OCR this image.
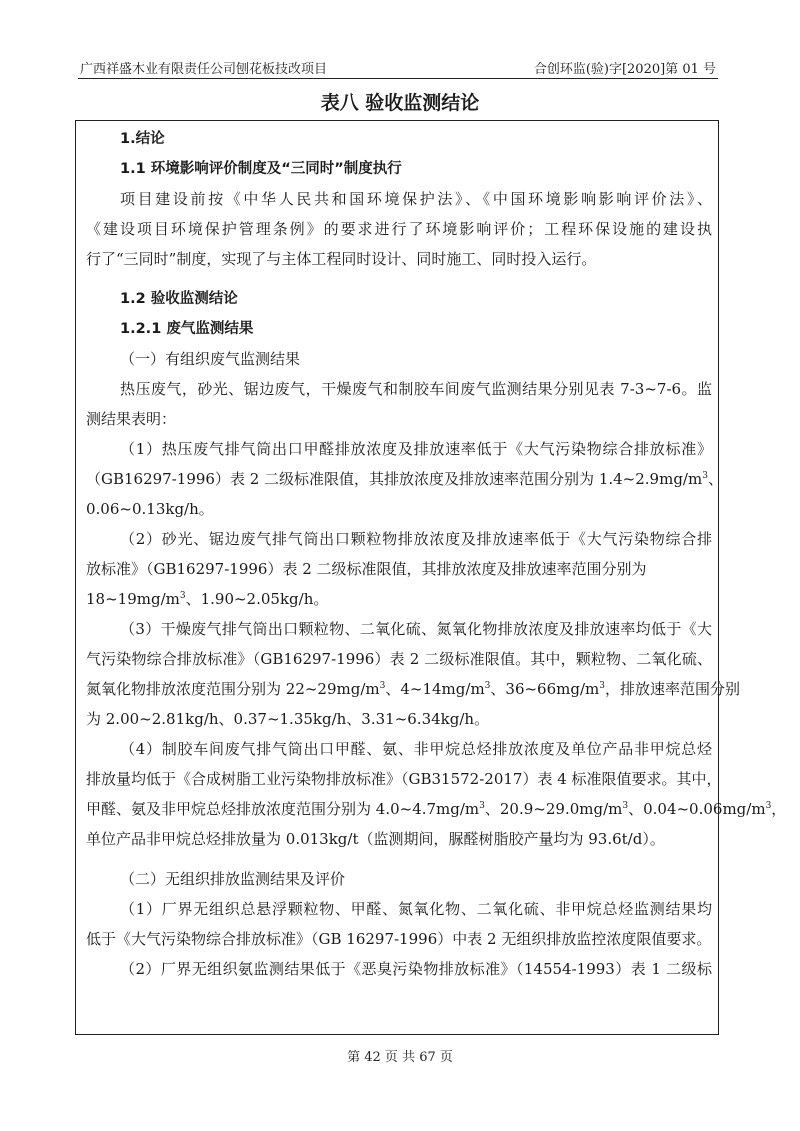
广西祥盛木业有限责任公司刨花板技改项目	合创环监(验)字[2020]第 01 号
表八 验收监测结论
1.结论
1.1 环境影响评价制度及“三同时”制度执行
项目建设前按《中华人民共和国环境保护法》、《中国环境影响影响评价法》、
《建设项目环境保护管理条例》的要求进行了环境影响评价；工程环保设施的建设执
行了“三同时”制度，实现了与主体工程同时设计、同时施工、同时投入运行。
1.2 验收监测结论
1.2.1 废气监测结果
（一）有组织废气监测结果
热压废气，砂光、锯边废气，干燥废气和制胶车间废气监测结果分别见表 7-3~7-6。监
测结果表明：
（1）热压废气排气筒出口甲醛排放浓度及排放速率低于《大气污染物综合排放标准》
（GB16297-1996）表 2 二级标准限值，其排放浓度及排放速率范围分别为 $1.4\sim 2.9mg/m^3$、
0.06~0.13kg/h。
（2）砂光、锯边废气排气筒出口颗粒物排放浓度及排放速率低于《大气污染物综合排
放标准》（GB16297-1996）表 2 二级标准限值，其排放浓度及排放速率范围分别为
$18\sim 19mg/m^3$、1.90~2.05kg/h。
（3）干燥废气排气筒出口颗粒物、二氧化硫、氮氧化物排放浓度及排放速率均低于《大
气污染物综合排放标准》（GB16297-1996）表 2 二级标准限值。其中，颗粒物、二氧化硫、
氮氧化物排放浓度范围分别为 $22\sim 29mg/m^3$、$4\sim 14mg/m^3$、$36\sim 66mg/m^3$，排放速率范围分别
为 2.00~2.81kg/h、0.37~1.35kg/h、3.31~6.34kg/h。
（4）制胶车间废气排气筒出口甲醛、氨、非甲烷总烃排放浓度及单位产品非甲烷总烃
排放量均低于《合成树脂工业污染物排放标准》（GB31572-2017）表 4 标准限值要求。其中，
甲醛、氨及非甲烷总烃排放浓度范围分别为 $4.0\sim 4.7mg/m^3$、$20.9\sim 29.0mg/m^3$、$0.04\sim 0.06mg/m^3$，
单位产品非甲烷总烃排放量为 0.013kg/t（监测期间，脲醛树脂胶产量均为 93.6t/d）。
（二）无组织排放监测结果及评价
（1）厂界无组织总悬浮颗粒物、甲醛、氮氧化物、二氧化硫、非甲烷总烃监测结果均
低于《大气污染物综合排放标准》（GB 16297-1996）中表 2 无组织排放监控浓度限值要求。
（2）厂界无组织氨监测结果低于《恶臭污染物排放标准》（14554-1993）表 1 二级标
第 42 页 共 67 页
